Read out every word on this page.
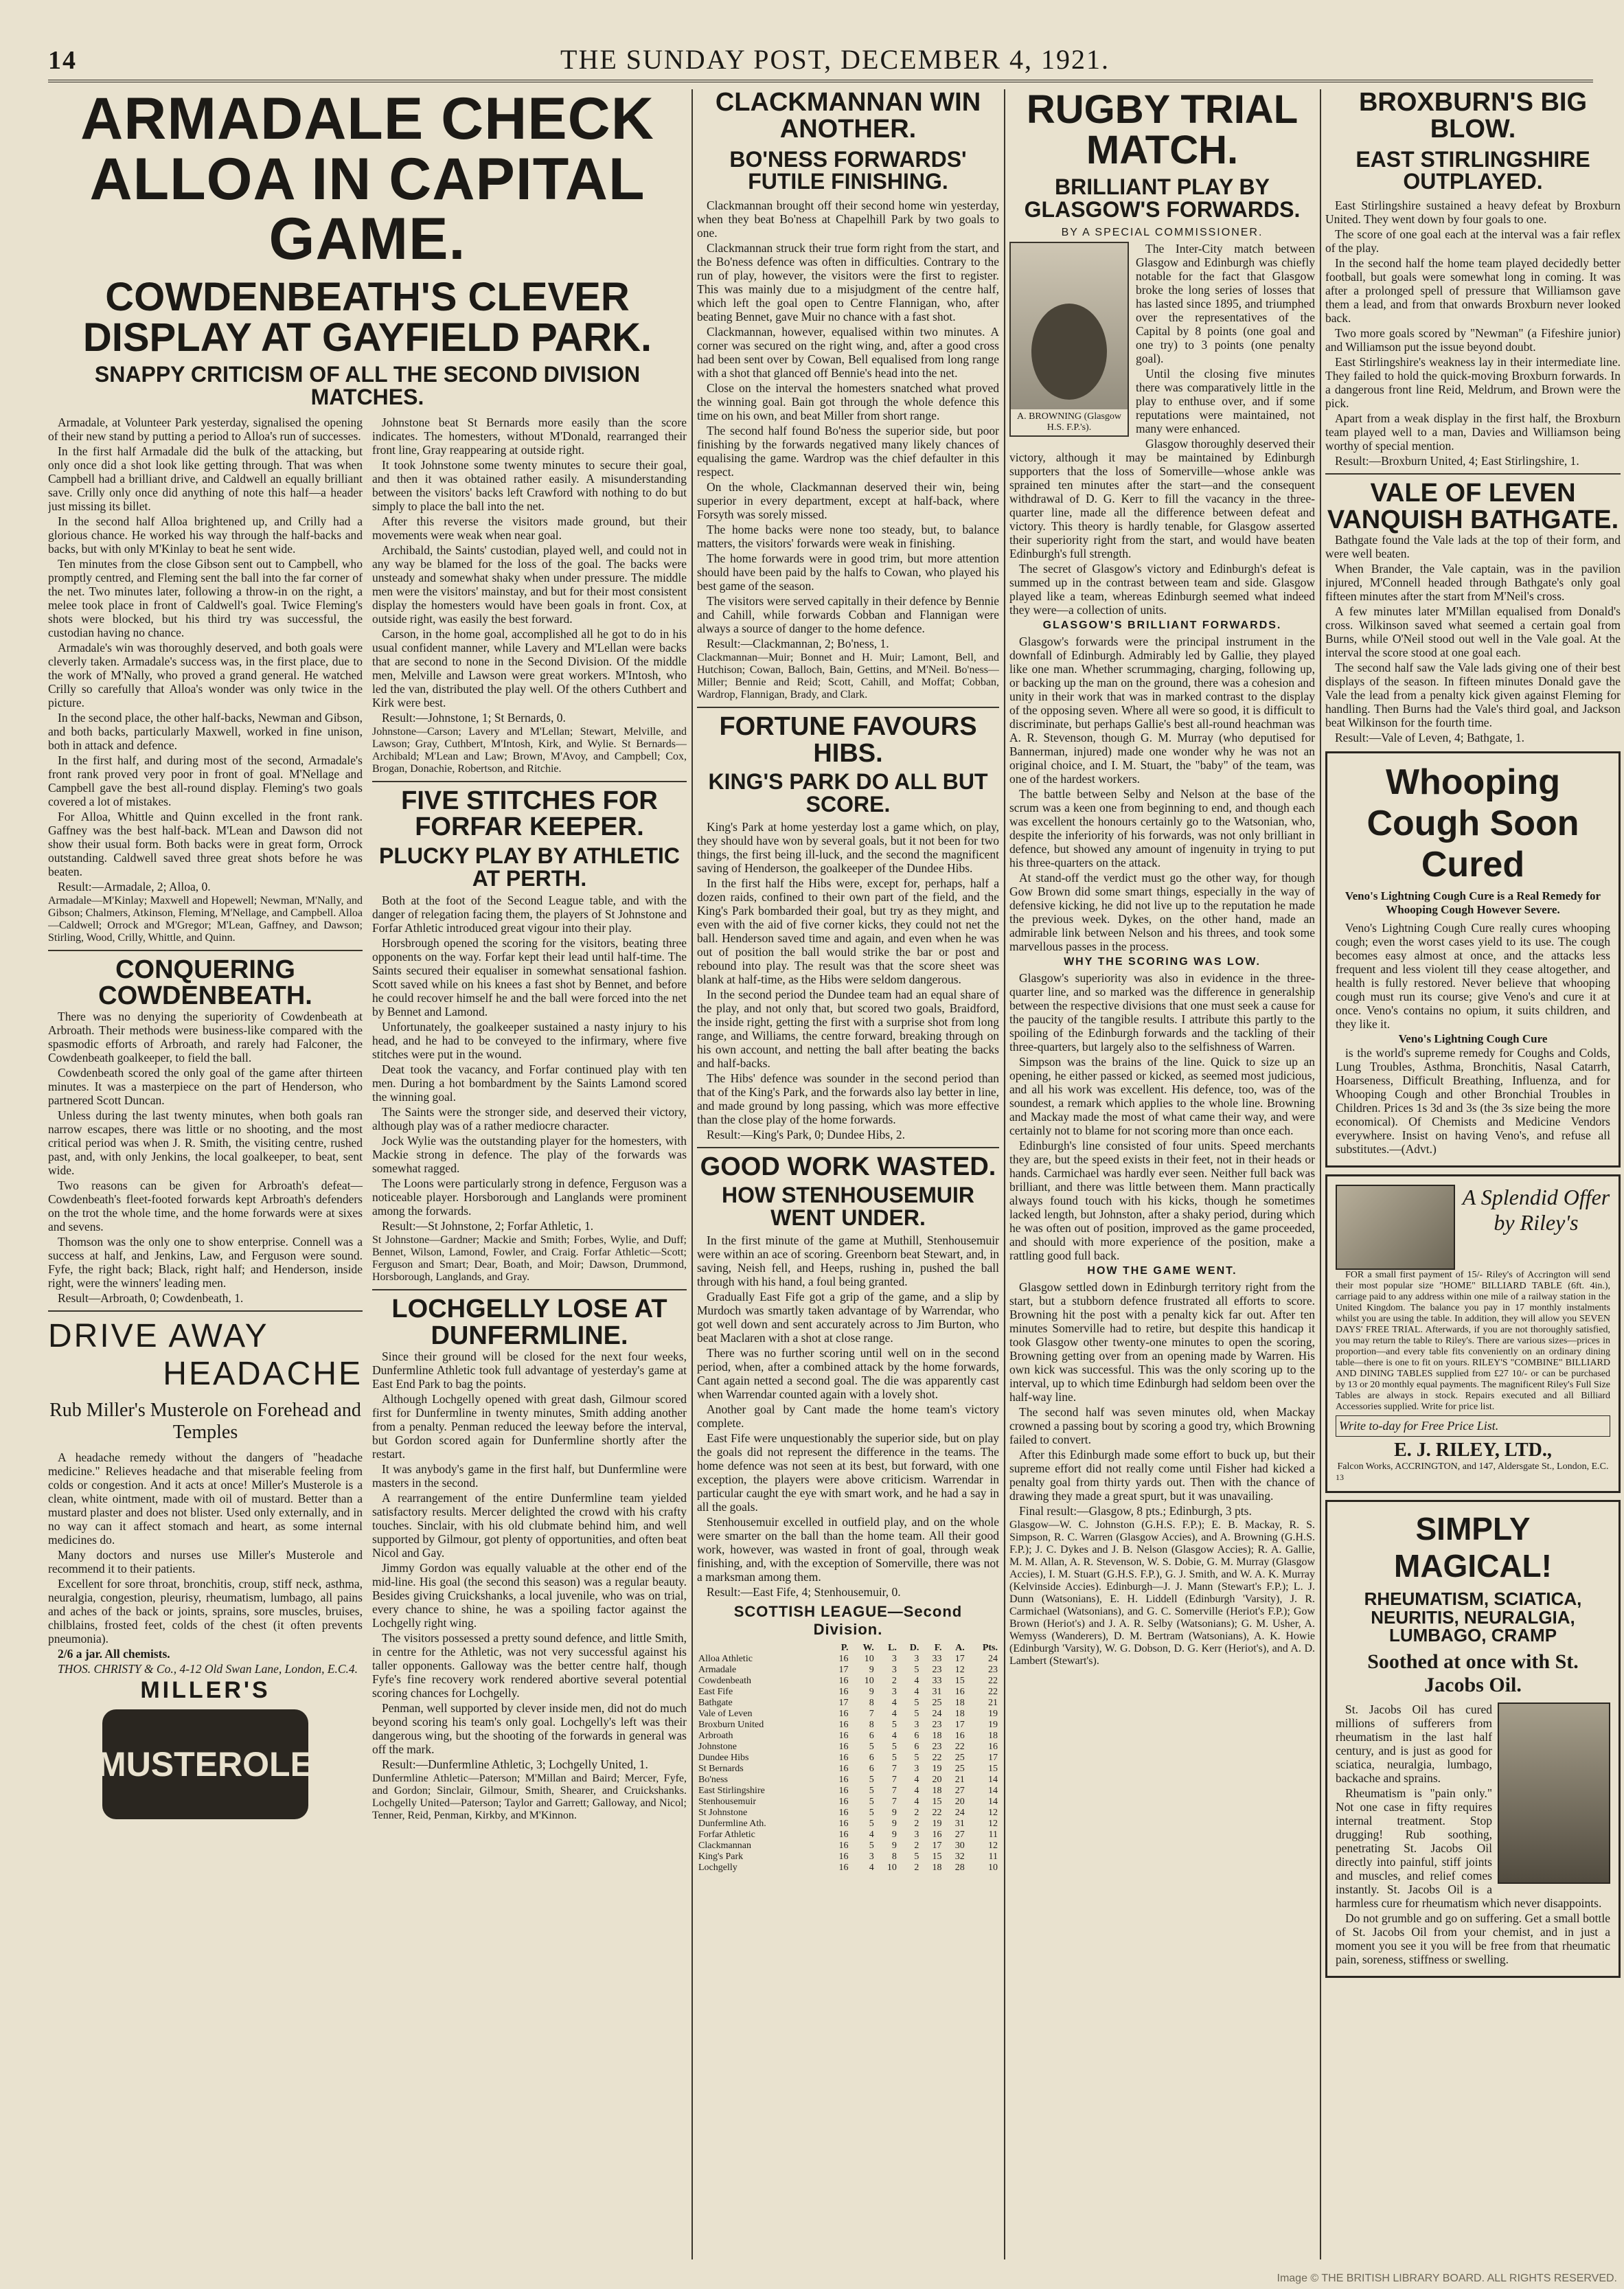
14	THE SUNDAY POST, DECEMBER 4, 1921.
ARMADALE CHECK ALLOA IN CAPITAL GAME.
COWDENBEATH'S CLEVER DISPLAY AT GAYFIELD PARK.
SNAPPY CRITICISM OF ALL THE SECOND DIVISION MATCHES.

Armadale, at Volunteer Park yesterday, signalised the opening of their new stand by putting a period to Alloa's run of successes.

In the first half Armadale did the bulk of the attacking, but only once did a shot look like getting through. That was when Campbell had a brilliant drive, and Caldwell an equally brilliant save. Crilly only once did anything of note this half—a header just missing its billet.

In the second half Alloa brightened up, and Crilly had a glorious chance. He worked his way through the half-backs and backs, but with only M'Kinlay to beat he sent wide.

Ten minutes from the close Gibson sent out to Campbell, who promptly centred, and Fleming sent the ball into the far corner of the net. Two minutes later, following a throw-in on the right, a melee took place in front of Caldwell's goal. Twice Fleming's shots were blocked, but his third try was successful, the custodian having no chance.

Armadale's win was thoroughly deserved, and both goals were cleverly taken. Armadale's success was, in the first place, due to the work of M'Nally, who proved a grand general. He watched Crilly so carefully that Alloa's wonder was only twice in the picture.

In the second place, the other half-backs, Newman and Gibson, and both backs, particularly Maxwell, worked in fine unison, both in attack and defence.

In the first half, and during most of the second, Armadale's front rank proved very poor in front of goal. M'Nellage and Campbell gave the best all-round display. Fleming's two goals covered a lot of mistakes.

For Alloa, Whittle and Quinn excelled in the front rank. Gaffney was the best half-back. M'Lean and Dawson did not show their usual form. Both backs were in great form, Orrock outstanding. Caldwell saved three great shots before he was beaten.

Result:—Armadale, 2; Alloa, 0.

Armadale—M'Kinlay; Maxwell and Hopewell; Newman, M'Nally, and Gibson; Chalmers, Atkinson, Fleming, M'Nellage, and Campbell. Alloa—Caldwell; Orrock and M'Gregor; M'Lean, Gaffney, and Dawson; Stirling, Wood, Crilly, Whittle, and Quinn.

CONQUERING COWDENBEATH.

There was no denying the superiority of Cowdenbeath at Arbroath. Their methods were business-like compared with the spasmodic efforts of Arbroath, and rarely had Falconer, the Cowdenbeath goalkeeper, to field the ball.

Cowdenbeath scored the only goal of the game after thirteen minutes. It was a masterpiece on the part of Henderson, who partnered Scott Duncan.

Unless during the last twenty minutes, when both goals ran narrow escapes, there was little or no shooting, and the most critical period was when J. R. Smith, the visiting centre, rushed past, and, with only Jenkins, the local goalkeeper, to beat, sent wide.

Two reasons can be given for Arbroath's defeat—Cowdenbeath's fleet-footed forwards kept Arbroath's defenders on the trot the whole time, and the home forwards were at sixes and sevens.

Thomson was the only one to show enterprise. Connell was a success at half, and Jenkins, Law, and Ferguson were sound. Fyfe, the right back; Black, right half; and Henderson, inside right, were the winners' leading men.

Result—Arbroath, 0; Cowdenbeath, 1.

DRIVE AWAY
HEADACHE
Rub Miller's Musterole on Forehead and Temples

A headache remedy without the dangers of "headache medicine." Relieves headache and that miserable feeling from colds or congestion. And it acts at once! Miller's Musterole is a clean, white ointment, made with oil of mustard. Better than a mustard plaster and does not blister. Used only externally, and in no way can it affect stomach and heart, as some internal medicines do.

Many doctors and nurses use Miller's Musterole and recommend it to their patients.

Excellent for sore throat, bronchitis, croup, stiff neck, asthma, neuralgia, congestion, pleurisy, rheumatism, lumbago, all pains and aches of the back or joints, sprains, sore muscles, bruises, chilblains, frosted feet, colds of the chest (it often prevents pneumonia).

2/6 a jar. All chemists.

THOS. CHRISTY & Co., 4-12 Old Swan Lane, London, E.C.4.

MILLER'S
MUSTEROLE

Johnstone beat St Bernards more easily than the score indicates. The homesters, without M'Donald, rearranged their front line, Gray reappearing at outside right.

It took Johnstone some twenty minutes to secure their goal, and then it was obtained rather easily. A misunderstanding between the visitors' backs left Crawford with nothing to do but simply to place the ball into the net.

After this reverse the visitors made ground, but their movements were weak when near goal.

Archibald, the Saints' custodian, played well, and could not in any way be blamed for the loss of the goal. The backs were unsteady and somewhat shaky when under pressure. The middle men were the visitors' mainstay, and but for their most consistent display the homesters would have been goals in front. Cox, at outside right, was easily the best forward.

Carson, in the home goal, accomplished all he got to do in his usual confident manner, while Lavery and M'Lellan were backs that are second to none in the Second Division. Of the middle men, Melville and Lawson were great workers. M'Intosh, who led the van, distributed the play well. Of the others Cuthbert and Kirk were best.

Result:—Johnstone, 1; St Bernards, 0.

Johnstone—Carson; Lavery and M'Lellan; Stewart, Melville, and Lawson; Gray, Cuthbert, M'Intosh, Kirk, and Wylie. St Bernards—Archibald; M'Lean and Law; Brown, M'Avoy, and Campbell; Cox, Brogan, Donachie, Robertson, and Ritchie.

FIVE STITCHES FOR FORFAR KEEPER.
PLUCKY PLAY BY ATHLETIC AT PERTH.

Both at the foot of the Second League table, and with the danger of relegation facing them, the players of St Johnstone and Forfar Athletic introduced great vigour into their play.

Horsbrough opened the scoring for the visitors, beating three opponents on the way. Forfar kept their lead until half-time. The Saints secured their equaliser in somewhat sensational fashion. Scott saved while on his knees a fast shot by Bennet, and before he could recover himself he and the ball were forced into the net by Bennet and Lamond.

Unfortunately, the goalkeeper sustained a nasty injury to his head, and he had to be conveyed to the infirmary, where five stitches were put in the wound.

Deat took the vacancy, and Forfar continued play with ten men. During a hot bombardment by the Saints Lamond scored the winning goal.

The Saints were the stronger side, and deserved their victory, although play was of a rather mediocre character.

Jock Wylie was the outstanding player for the homesters, with Mackie strong in defence. The play of the forwards was somewhat ragged.

The Loons were particularly strong in defence, Ferguson was a noticeable player. Horsborough and Langlands were prominent among the forwards.

Result:—St Johnstone, 2; Forfar Athletic, 1.

St Johnstone—Gardner; Mackie and Smith; Forbes, Wylie, and Duff; Bennet, Wilson, Lamond, Fowler, and Craig. Forfar Athletic—Scott; Ferguson and Smart; Dear, Boath, and Moir; Dawson, Drummond, Horsborough, Langlands, and Gray.

LOCHGELLY LOSE AT DUNFERMLINE.

Since their ground will be closed for the next four weeks, Dunfermline Athletic took full advantage of yesterday's game at East End Park to bag the points.

Although Lochgelly opened with great dash, Gilmour scored first for Dunfermline in twenty minutes, Smith adding another from a penalty. Penman reduced the leeway before the interval, but Gordon scored again for Dunfermline shortly after the restart.

It was anybody's game in the first half, but Dunfermline were masters in the second.

A rearrangement of the entire Dunfermline team yielded satisfactory results. Mercer delighted the crowd with his crafty touches. Sinclair, with his old clubmate behind him, and well supported by Gilmour, got plenty of opportunities, and often beat Nicol and Gay.

Jimmy Gordon was equally valuable at the other end of the mid-line. His goal (the second this season) was a regular beauty. Besides giving Cruickshanks, a local juvenile, who was on trial, every chance to shine, he was a spoiling factor against the Lochgelly right wing.

The visitors possessed a pretty sound defence, and little Smith, in centre for the Athletic, was not very successful against his taller opponents. Galloway was the better centre half, though Fyfe's fine recovery work rendered abortive several potential scoring chances for Lochgelly.

Penman, well supported by clever inside men, did not do much beyond scoring his team's only goal. Lochgelly's left was their dangerous wing, but the shooting of the forwards in general was off the mark.

Result:—Dunfermline Athletic, 3; Lochgelly United, 1.

Dunfermline Athletic—Paterson; M'Millan and Baird; Mercer, Fyfe, and Gordon; Sinclair, Gilmour, Smith, Shearer, and Cruickshanks. Lochgelly United—Paterson; Taylor and Garrett; Galloway, and Nicol; Tenner, Reid, Penman, Kirkby, and M'Kinnon.

CLACKMANNAN WIN ANOTHER.
BO'NESS FORWARDS' FUTILE FINISHING.

Clackmannan brought off their second home win yesterday, when they beat Bo'ness at Chapelhill Park by two goals to one.

Clackmannan struck their true form right from the start, and the Bo'ness defence was often in difficulties. Contrary to the run of play, however, the visitors were the first to register. This was mainly due to a misjudgment of the centre half, which left the goal open to Centre Flannigan, who, after beating Bennet, gave Muir no chance with a fast shot.

Clackmannan, however, equalised within two minutes. A corner was secured on the right wing, and, after a good cross had been sent over by Cowan, Bell equalised from long range with a shot that glanced off Bennie's head into the net.

Close on the interval the homesters snatched what proved the winning goal. Bain got through the whole defence this time on his own, and beat Miller from short range.

The second half found Bo'ness the superior side, but poor finishing by the forwards negatived many likely chances of equalising the game. Wardrop was the chief defaulter in this respect.

On the whole, Clackmannan deserved their win, being superior in every department, except at half-back, where Forsyth was sorely missed.

The home backs were none too steady, but, to balance matters, the visitors' forwards were weak in finishing.

The home forwards were in good trim, but more attention should have been paid by the halfs to Cowan, who played his best game of the season.

The visitors were served capitally in their defence by Bennie and Cahill, while forwards Cobban and Flannigan were always a source of danger to the home defence.

Result:—Clackmannan, 2; Bo'ness, 1.

Clackmannan—Muir; Bonnet and H. Muir; Lamont, Bell, and Hutchison; Cowan, Balloch, Bain, Gettins, and M'Neil. Bo'ness—Miller; Bennie and Reid; Scott, Cahill, and Moffat; Cobban, Wardrop, Flannigan, Brady, and Clark.

FORTUNE FAVOURS HIBS.
KING'S PARK DO ALL BUT SCORE.

King's Park at home yesterday lost a game which, on play, they should have won by several goals, but it not been for two things, the first being ill-luck, and the second the magnificent saving of Henderson, the goalkeeper of the Dundee Hibs.

In the first half the Hibs were, except for, perhaps, half a dozen raids, confined to their own part of the field, and the King's Park bombarded their goal, but try as they might, and even with the aid of five corner kicks, they could not net the ball. Henderson saved time and again, and even when he was out of position the ball would strike the bar or post and rebound into play. The result was that the score sheet was blank at half-time, as the Hibs were seldom dangerous.

In the second period the Dundee team had an equal share of the play, and not only that, but scored two goals, Braidford, the inside right, getting the first with a surprise shot from long range, and Williams, the centre forward, breaking through on his own account, and netting the ball after beating the backs and half-backs.

The Hibs' defence was sounder in the second period than that of the King's Park, and the forwards also lay better in line, and made ground by long passing, which was more effective than the close play of the home forwards.

Result:—King's Park, 0; Dundee Hibs, 2.

GOOD WORK WASTED.
HOW STENHOUSEMUIR WENT UNDER.

In the first minute of the game at Muthill, Stenhousemuir were within an ace of scoring. Greenborn beat Stewart, and, in saving, Neish fell, and Heeps, rushing in, pushed the ball through with his hand, a foul being granted.

Gradually East Fife got a grip of the game, and a slip by Murdoch was smartly taken advantage of by Warrendar, who got well down and sent accurately across to Jim Burton, who beat Maclaren with a shot at close range.

There was no further scoring until well on in the second period, when, after a combined attack by the home forwards, Cant again netted a second goal. The die was apparently cast when Warrendar counted again with a lovely shot.

Another goal by Cant made the home team's victory complete.

East Fife were unquestionably the superior side, but on play the goals did not represent the difference in the teams. The home defence was not seen at its best, but forward, with one exception, the players were above criticism. Warrendar in particular caught the eye with smart work, and he had a say in all the goals.

Stenhousemuir excelled in outfield play, and on the whole were smarter on the ball than the home team. All their good work, however, was wasted in front of goal, through weak finishing, and, with the exception of Somerville, there was not a marksman among them.

Result:—East Fife, 4; Stenhousemuir, 0.

SCOTTISH LEAGUE—Second Division.
	P.	W.	L.	D.	F.	A.	Pts.
Alloa Athletic	16	10	3	3	33	17	24
Armadale	17	9	3	5	23	12	23
Cowdenbeath	16	10	2	4	33	15	22
East Fife	16	9	3	4	31	16	22
Bathgate	17	8	4	5	25	18	21
Vale of Leven	16	7	4	5	24	18	19
Broxburn United	16	8	5	3	23	17	19
Arbroath	16	6	4	6	18	16	18
Johnstone	16	5	5	6	23	22	16
Dundee Hibs	16	6	5	5	22	25	17
St Bernards	16	6	7	3	19	25	15
Bo'ness	16	5	7	4	20	21	14
East Stirlingshire	16	5	7	4	18	27	14
Stenhousemuir	16	5	7	4	15	20	14
St Johnstone	16	5	9	2	22	24	12
Dunfermline Ath.	16	5	9	2	19	31	12
Forfar Athletic	16	4	9	3	16	27	11
Clackmannan	16	5	9	2	17	30	12
King's Park	16	3	8	5	15	32	11
Lochgelly	16	4	10	2	18	28	10
RUGBY TRIAL MATCH.
BRILLIANT PLAY BY GLASGOW'S FORWARDS.
BY A SPECIAL COMMISSIONER.
A. BROWNING (Glasgow H.S. F.P.'s).

The Inter-City match between Glasgow and Edinburgh was chiefly notable for the fact that Glasgow broke the long series of losses that has lasted since 1895, and triumphed over the representatives of the Capital by 8 points (one goal and one try) to 3 points (one penalty goal).

Until the closing five minutes there was comparatively little in the play to enthuse over, and if some reputations were maintained, not many were enhanced.

Glasgow thoroughly deserved their victory, although it may be maintained by Edinburgh supporters that the loss of Somerville—whose ankle was sprained ten minutes after the start—and the consequent withdrawal of D. G. Kerr to fill the vacancy in the three-quarter line, made all the difference between defeat and victory. This theory is hardly tenable, for Glasgow asserted their superiority right from the start, and would have beaten Edinburgh's full strength.

The secret of Glasgow's victory and Edinburgh's defeat is summed up in the contrast between team and side. Glasgow played like a team, whereas Edinburgh seemed what indeed they were—a collection of units.

GLASGOW'S BRILLIANT FORWARDS.

Glasgow's forwards were the principal instrument in the downfall of Edinburgh. Admirably led by Gallie, they played like one man. Whether scrummaging, charging, following up, or backing up the man on the ground, there was a cohesion and unity in their work that was in marked contrast to the display of the opposing seven. Where all were so good, it is difficult to discriminate, but perhaps Gallie's best all-round heachman was A. R. Stevenson, though G. M. Murray (who deputised for Bannerman, injured) made one wonder why he was not an original choice, and I. M. Stuart, the "baby" of the team, was one of the hardest workers.

The battle between Selby and Nelson at the base of the scrum was a keen one from beginning to end, and though each was excellent the honours certainly go to the Watsonian, who, despite the inferiority of his forwards, was not only brilliant in defence, but showed any amount of ingenuity in trying to put his three-quarters on the attack.

At stand-off the verdict must go the other way, for though Gow Brown did some smart things, especially in the way of defensive kicking, he did not live up to the reputation he made the previous week. Dykes, on the other hand, made an admirable link between Nelson and his threes, and took some marvellous passes in the process.

WHY THE SCORING WAS LOW.

Glasgow's superiority was also in evidence in the three-quarter line, and so marked was the difference in generalship between the respective divisions that one must seek a cause for the paucity of the tangible results. I attribute this partly to the spoiling of the Edinburgh forwards and the tackling of their three-quarters, but largely also to the selfishness of Warren.

Simpson was the brains of the line. Quick to size up an opening, he either passed or kicked, as seemed most judicious, and all his work was excellent. His defence, too, was of the soundest, a remark which applies to the whole line. Browning and Mackay made the most of what came their way, and were certainly not to blame for not scoring more than once each.

Edinburgh's line consisted of four units. Speed merchants they are, but the speed exists in their feet, not in their heads or hands. Carmichael was hardly ever seen. Neither full back was brilliant, and there was little between them. Mann practically always found touch with his kicks, though he sometimes lacked length, but Johnston, after a shaky period, during which he was often out of position, improved as the game proceeded, and should with more experience of the position, make a rattling good full back.

HOW THE GAME WENT.

Glasgow settled down in Edinburgh territory right from the start, but a stubborn defence frustrated all efforts to score. Browning hit the post with a penalty kick far out. After ten minutes Somerville had to retire, but despite this handicap it took Glasgow other twenty-one minutes to open the scoring, Browning getting over from an opening made by Warren. His own kick was successful. This was the only scoring up to the interval, up to which time Edinburgh had seldom been over the half-way line.

The second half was seven minutes old, when Mackay crowned a passing bout by scoring a good try, which Browning failed to convert.

After this Edinburgh made some effort to buck up, but their supreme effort did not really come until Fisher had kicked a penalty goal from thirty yards out. Then with the chance of drawing they made a great spurt, but it was unavailing.

Final result:—Glasgow, 8 pts.; Edinburgh, 3 pts.

Glasgow—W. C. Johnston (G.H.S. F.P.); E. B. Mackay, R. S. Simpson, R. C. Warren (Glasgow Accies), and A. Browning (G.H.S. F.P.); J. C. Dykes and J. B. Nelson (Glasgow Accies); R. A. Gallie, M. M. Allan, A. R. Stevenson, W. S. Dobie, G. M. Murray (Glasgow Accies), I. M. Stuart (G.H.S. F.P.), G. J. Smith, and W. A. K. Murray (Kelvinside Accies). Edinburgh—J. J. Mann (Stewart's F.P.); L. J. Dunn (Watsonians), E. H. Liddell (Edinburgh 'Varsity), J. R. Carmichael (Watsonians), and G. C. Somerville (Heriot's F.P.); Gow Brown (Heriot's) and J. A. R. Selby (Watsonians); G. M. Usher, A. Wemyss (Wanderers), D. M. Bertram (Watsonians), A. K. Howie (Edinburgh 'Varsity), W. G. Dobson, D. G. Kerr (Heriot's), and A. D. Lambert (Stewart's).

BROXBURN'S BIG BLOW.
EAST STIRLINGSHIRE OUTPLAYED.

East Stirlingshire sustained a heavy defeat by Broxburn United. They went down by four goals to one.

The score of one goal each at the interval was a fair reflex of the play.

In the second half the home team played decidedly better football, but goals were somewhat long in coming. It was after a prolonged spell of pressure that Williamson gave them a lead, and from that onwards Broxburn never looked back.

Two more goals scored by "Newman" (a Fifeshire junior) and Williamson put the issue beyond doubt.

East Stirlingshire's weakness lay in their intermediate line. They failed to hold the quick-moving Broxburn forwards. In a dangerous front line Reid, Meldrum, and Brown were the pick.

Apart from a weak display in the first half, the Broxburn team played well to a man, Davies and Williamson being worthy of special mention.

Result:—Broxburn United, 4; East Stirlingshire, 1.

VALE OF LEVEN VANQUISH BATHGATE.

Bathgate found the Vale lads at the top of their form, and were well beaten.

When Brander, the Vale captain, was in the pavilion injured, M'Connell headed through Bathgate's only goal fifteen minutes after the start from M'Neil's cross.

A few minutes later M'Millan equalised from Donald's cross. Wilkinson saved what seemed a certain goal from Burns, while O'Neil stood out well in the Vale goal. At the interval the score stood at one goal each.

The second half saw the Vale lads giving one of their best displays of the season. In fifteen minutes Donald gave the Vale the lead from a penalty kick given against Fleming for handling. Then Burns had the Vale's third goal, and Jackson beat Wilkinson for the fourth time.

Result:—Vale of Leven, 4; Bathgate, 1.

Whooping Cough Soon Cured
Veno's Lightning Cough Cure is a Real Remedy for Whooping Cough However Severe.

Veno's Lightning Cough Cure really cures whooping cough; even the worst cases yield to its use. The cough becomes easy almost at once, and the attacks less frequent and less violent till they cease altogether, and health is fully restored. Never believe that whooping cough must run its course; give Veno's and cure it at once. Veno's contains no opium, it suits children, and they like it.

Veno's Lightning Cough Cure

is the world's supreme remedy for Coughs and Colds, Lung Troubles, Asthma, Bronchitis, Nasal Catarrh, Hoarseness, Difficult Breathing, Influenza, and for Whooping Cough and other Bronchial Troubles in Children. Prices 1s 3d and 3s (the 3s size being the more economical). Of Chemists and Medicine Vendors everywhere. Insist on having Veno's, and refuse all substitutes.—(Advt.)

A Splendid Offer by Riley's

FOR a small first payment of 15/- Riley's of Accrington will send their most popular size "HOME" BILLIARD TABLE (6ft. 4in.), carriage paid to any address within one mile of a railway station in the United Kingdom. The balance you pay in 17 monthly instalments whilst you are using the table. In addition, they will allow you SEVEN DAYS' FREE TRIAL. Afterwards, if you are not thoroughly satisfied, you may return the table to Riley's. There are various sizes—prices in proportion—and every table fits conveniently on an ordinary dining table—there is one to fit on yours. RILEY'S "COMBINE" BILLIARD AND DINING TABLES supplied from £27 10/- or can be purchased by 13 or 20 monthly equal payments. The magnificent Riley's Full Size Tables are always in stock. Repairs executed and all Billiard Accessories supplied. Write for price list.

Write to-day for Free Price List.
E. J. RILEY, LTD.,
Falcon Works, ACCRINGTON, and 147, Aldersgate St., London, E.C.
13
SIMPLY MAGICAL!
RHEUMATISM, SCIATICA, NEURITIS, NEURALGIA, LUMBAGO, CRAMP
Soothed at once with St. Jacobs Oil.

St. Jacobs Oil has cured millions of sufferers from rheumatism in the last half century, and is just as good for sciatica, neuralgia, lumbago, backache and sprains.

Rheumatism is "pain only." Not one case in fifty requires internal treatment. Stop drugging! Rub soothing, penetrating St. Jacobs Oil directly into painful, stiff joints and muscles, and relief comes instantly. St. Jacobs Oil is a harmless cure for rheumatism which never disappoints.

Do not grumble and go on suffering. Get a small bottle of St. Jacobs Oil from your chemist, and in just a moment you see it you will be free from that rheumatic pain, soreness, stiffness or swelling.

Image © THE BRITISH LIBRARY BOARD. ALL RIGHTS RESERVED.
